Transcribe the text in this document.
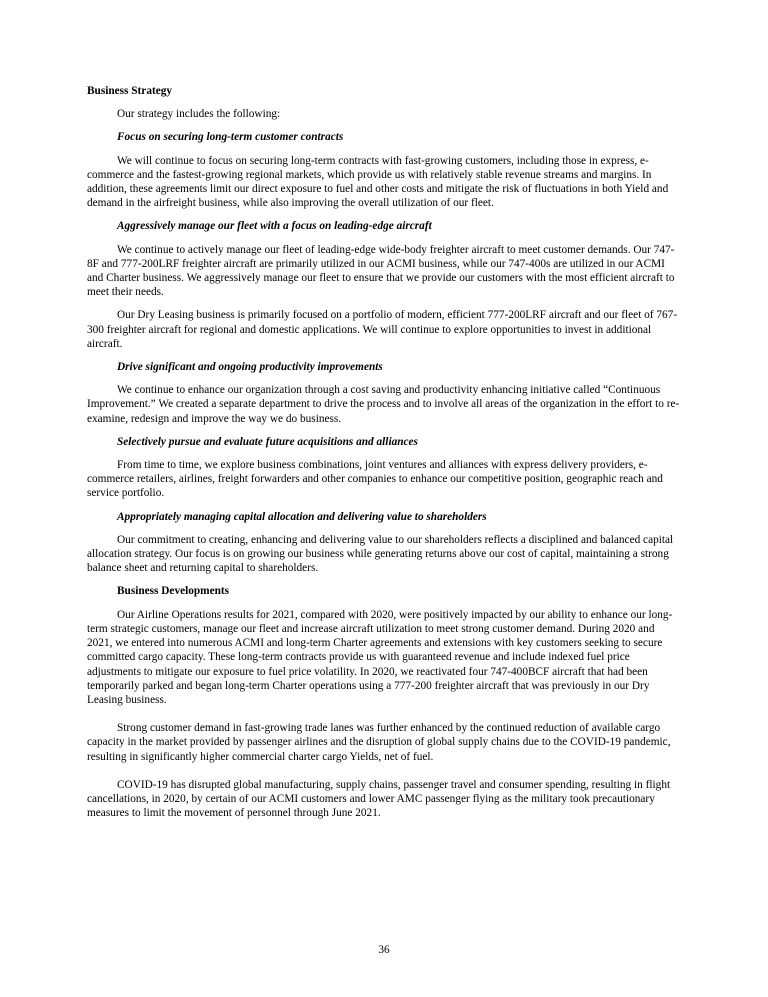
Business Strategy
Our strategy includes the following:
Focus on securing long-term customer contracts
We will continue to focus on securing long-term contracts with fast-growing customers, including those in express, e-commerce and the fastest-growing regional markets, which provide us with relatively stable revenue streams and margins. In addition, these agreements limit our direct exposure to fuel and other costs and mitigate the risk of fluctuations in both Yield and demand in the airfreight business, while also improving the overall utilization of our fleet.
Aggressively manage our fleet with a focus on leading-edge aircraft
We continue to actively manage our fleet of leading-edge wide-body freighter aircraft to meet customer demands. Our 747-8F and 777-200LRF freighter aircraft are primarily utilized in our ACMI business, while our 747-400s are utilized in our ACMI and Charter business. We aggressively manage our fleet to ensure that we provide our customers with the most efficient aircraft to meet their needs.
Our Dry Leasing business is primarily focused on a portfolio of modern, efficient 777-200LRF aircraft and our fleet of 767-300 freighter aircraft for regional and domestic applications. We will continue to explore opportunities to invest in additional aircraft.
Drive significant and ongoing productivity improvements
We continue to enhance our organization through a cost saving and productivity enhancing initiative called “Continuous Improvement.” We created a separate department to drive the process and to involve all areas of the organization in the effort to re-examine, redesign and improve the way we do business.
Selectively pursue and evaluate future acquisitions and alliances
From time to time, we explore business combinations, joint ventures and alliances with express delivery providers, e-commerce retailers, airlines, freight forwarders and other companies to enhance our competitive position, geographic reach and service portfolio.
Appropriately managing capital allocation and delivering value to shareholders
Our commitment to creating, enhancing and delivering value to our shareholders reflects a disciplined and balanced capital allocation strategy. Our focus is on growing our business while generating returns above our cost of capital, maintaining a strong balance sheet and returning capital to shareholders.
Business Developments
Our Airline Operations results for 2021, compared with 2020, were positively impacted by our ability to enhance our long-term strategic customers, manage our fleet and increase aircraft utilization to meet strong customer demand. During 2020 and 2021, we entered into numerous ACMI and long-term Charter agreements and extensions with key customers seeking to secure committed cargo capacity. These long-term contracts provide us with guaranteed revenue and include indexed fuel price adjustments to mitigate our exposure to fuel price volatility. In 2020, we reactivated four 747-400BCF aircraft that had been temporarily parked and began long-term Charter operations using a 777-200 freighter aircraft that was previously in our Dry Leasing business.
Strong customer demand in fast-growing trade lanes was further enhanced by the continued reduction of available cargo capacity in the market provided by passenger airlines and the disruption of global supply chains due to the COVID-19 pandemic, resulting in significantly higher commercial charter cargo Yields, net of fuel.
COVID-19 has disrupted global manufacturing, supply chains, passenger travel and consumer spending, resulting in flight cancellations, in 2020, by certain of our ACMI customers and lower AMC passenger flying as the military took precautionary measures to limit the movement of personnel through June 2021.
36
